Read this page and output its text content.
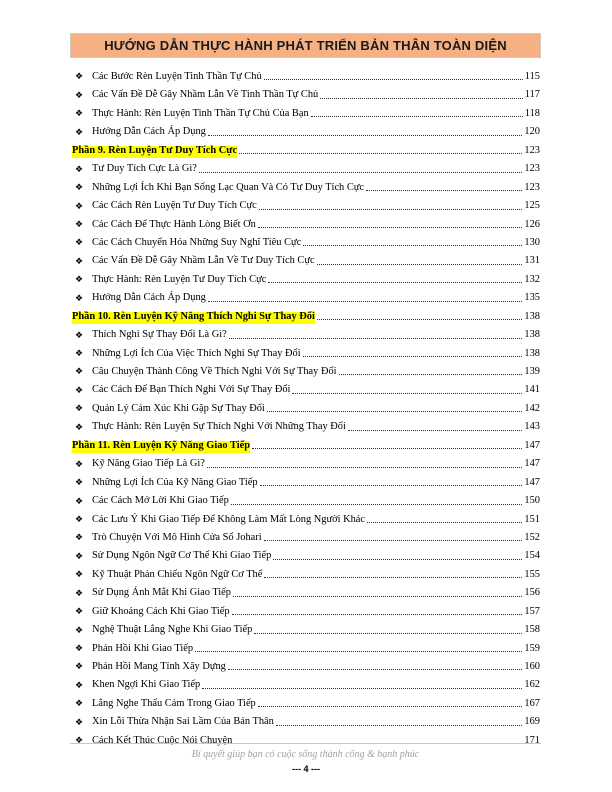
HƯỚNG DẪN THỰC HÀNH PHÁT TRIỂN BẢN THÂN TOÀN DIỆN
❖ Các Bước Rèn Luyện Tinh Thần Tự Chủ	115
❖ Các Vấn Đề Dễ Gây Nhầm Lẫn Về Tinh Thần Tự Chủ	117
❖ Thực Hành: Rèn Luyện Tinh Thần Tự Chủ Của Bạn	118
❖ Hướng Dẫn Cách Áp Dụng	120
Phần 9. Rèn Luyện Tư Duy Tích Cực	123
❖ Tư Duy Tích Cực Là Gì?	123
❖ Những Lợi Ích Khi Bạn Sống Lạc Quan Và Có Tư Duy Tích Cực	123
❖ Các Cách Rèn Luyện Tư Duy Tích Cực	125
❖ Các Cách Để Thực Hành Lòng Biết Ơn	126
❖ Các Cách Chuyển Hóa Những Suy Nghĩ Tiêu Cực	130
❖ Các Vấn Đề Dễ Gây Nhầm Lẫn Về Tư Duy Tích Cực	131
❖ Thực Hành: Rèn Luyện Tư Duy Tích Cực	132
❖ Hướng Dẫn Cách Áp Dụng	135
Phần 10. Rèn Luyện Kỹ Năng Thích Nghi Sự Thay Đổi	138
❖ Thích Nghi Sự Thay Đổi Là Gì?	138
❖ Những Lợi Ích Của Việc Thích Nghi Sự Thay Đổi	138
❖ Câu Chuyện Thành Công Về Thích Nghi Với Sự Thay Đổi	139
❖ Các Cách Để Bạn Thích Nghi Với Sự Thay Đổi	141
❖ Quản Lý Cảm Xúc Khi Gặp Sự Thay Đổi	142
❖ Thực Hành: Rèn Luyện Sự Thích Nghi Với Những Thay Đổi	143
Phần 11. Rèn Luyện Kỹ Năng Giao Tiếp	147
❖ Kỹ Năng Giao Tiếp Là Gì?	147
❖ Những Lợi Ích Của Kỹ Năng Giao Tiếp	147
❖ Các Cách Mở Lời Khi Giao Tiếp	150
❖ Các Lưu Ý Khi Giao Tiếp Để Không Làm Mất Lòng Người Khác	151
❖ Trò Chuyện Với Mô Hình Cửa Sổ Johari	152
❖ Sử Dụng Ngôn Ngữ Cơ Thể Khi Giao Tiếp	154
❖ Kỹ Thuật Phản Chiếu Ngôn Ngữ Cơ Thể	155
❖ Sử Dụng Ánh Mắt Khi Giao Tiếp	156
❖ Giữ Khoảng Cách Khi Giao Tiếp	157
❖ Nghệ Thuật Lắng Nghe Khi Giao Tiếp	158
❖ Phản Hồi Khi Giao Tiếp	159
❖ Phản Hồi Mang Tính Xây Dựng	160
❖ Khen Ngợi Khi Giao Tiếp	162
❖ Lắng Nghe Thấu Cảm Trong Giao Tiếp	167
❖ Xin Lỗi Thừa Nhận Sai Lầm Của Bản Thân	169
❖ Cách Kết Thúc Cuộc Nói Chuyện	171
Bí quyết giúp bạn có cuộc sống thành công & hạnh phúc
--- 4 ---
